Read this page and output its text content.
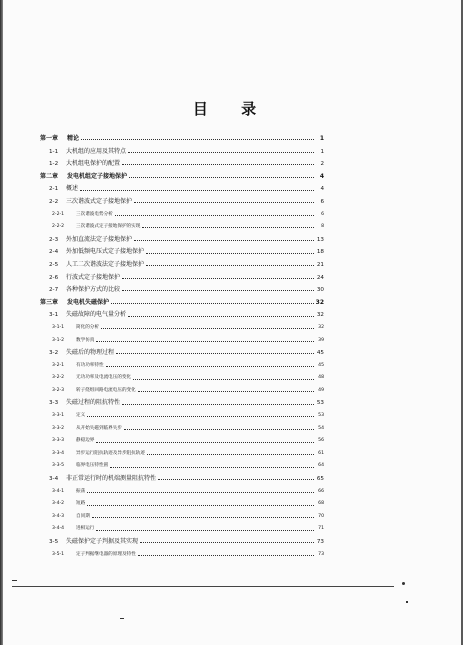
目 录
第一章	精论	1
1-1	大机组的应用及其特点	1
1-2	大机组电保护的配置	2
第二章	发电机组定子接地保护	4
2-1	概述	4
2-2	三次谐波式定子接地保护	6
2-2-1	三次谐波电势分析	6
2-2-2	三次谐波式定子接地保护的实现	8
2-3	外加直流法定子接地保护	13
2-4	外加低频电压式定子接地保护	18
2-5	人工二次谐波法定子接地保护	21
2-6	行波式定子接地保护	24
2-7	各种保护方式的比较	30
第三章	发电机失磁保护	32
3-1	失磁故障的电气量分析	32
3-1-1	简化的分析	32
3-1-2	数学仿真	39
3-2	失磁后的物理过程	45
3-2-1	有功功率特性	45
3-2-2	无功功率及电流电压的变化	48
3-2-3	转子绕组回路电流电压的变化	49
3-3	失磁过程的阻抗特性	53
3-3-1	定义	53
3-3-2	从开始失磁到临界失步	54
3-3-3	静稳边界	56
3-3-4	异步运行阻抗轨迹及异步阻抗轨迹	61
3-3-5	临界电压特性圆	64
3-4	非正常运行时的机端测量阻抗特性	65
3-4-1	振荡	66
3-4-2	短路	68
3-4-3	自同期	70
3-4-4	进相运行	71
3-5	失磁保护定子判据及其实现	73
3-5-1	定子判据继电器的原理及特性	73
